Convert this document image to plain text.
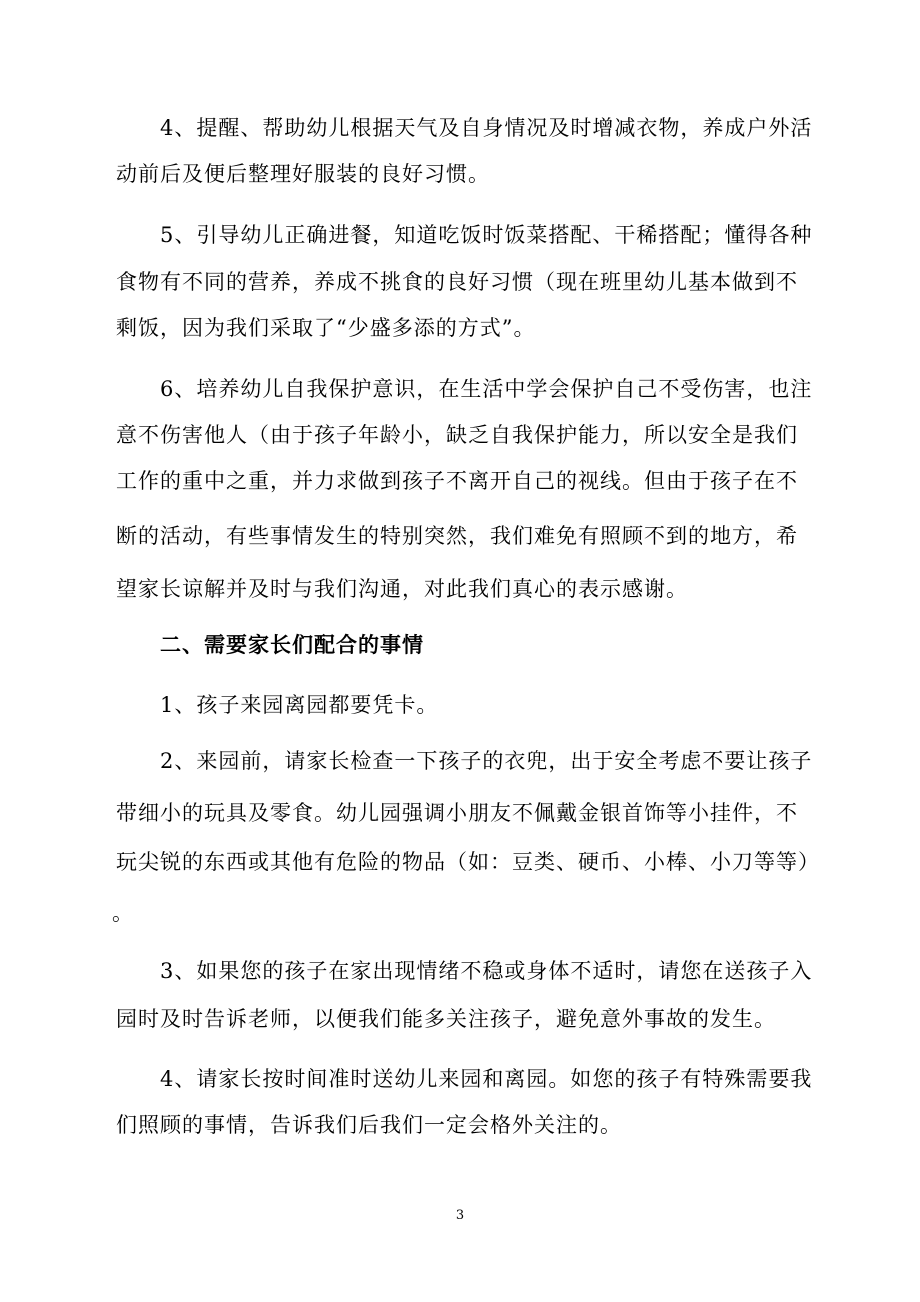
4、提醒、帮助幼儿根据天气及自身情况及时增减衣物，养成户外活
动前后及便后整理好服装的良好习惯。
5、引导幼儿正确进餐，知道吃饭时饭菜搭配、干稀搭配；懂得各种
食物有不同的营养，养成不挑食的良好习惯（现在班里幼儿基本做到不
剩饭，因为我们采取了“少盛多添的方式”。
6、培养幼儿自我保护意识，在生活中学会保护自己不受伤害，也注
意不伤害他人（由于孩子年龄小，缺乏自我保护能力，所以安全是我们
工作的重中之重，并力求做到孩子不离开自己的视线。但由于孩子在不
断的活动，有些事情发生的特别突然，我们难免有照顾不到的地方，希
望家长谅解并及时与我们沟通，对此我们真心的表示感谢。
二、需要家长们配合的事情
1、孩子来园离园都要凭卡。
2、来园前，请家长检查一下孩子的衣兜，出于安全考虑不要让孩子
带细小的玩具及零食。幼儿园强调小朋友不佩戴金银首饰等小挂件，不
玩尖锐的东西或其他有危险的物品（如：豆类、硬币、小棒、小刀等等）
。
3、如果您的孩子在家出现情绪不稳或身体不适时，请您在送孩子入
园时及时告诉老师，以便我们能多关注孩子，避免意外事故的发生。
4、请家长按时间准时送幼儿来园和离园。如您的孩子有特殊需要我
们照顾的事情，告诉我们后我们一定会格外关注的。
3
